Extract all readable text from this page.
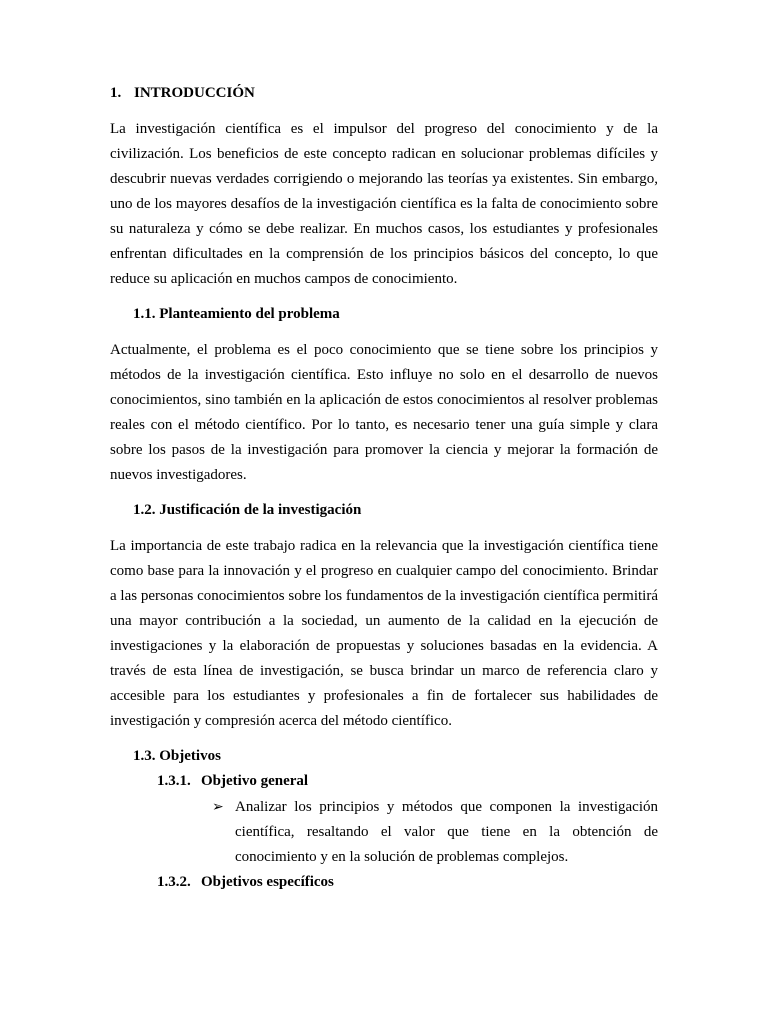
1. INTRODUCCIÓN
La investigación científica es el impulsor del progreso del conocimiento y de la civilización. Los beneficios de este concepto radican en solucionar problemas difíciles y descubrir nuevas verdades corrigiendo o mejorando las teorías ya existentes. Sin embargo, uno de los mayores desafíos de la investigación científica es la falta de conocimiento sobre su naturaleza y cómo se debe realizar. En muchos casos, los estudiantes y profesionales enfrentan dificultades en la comprensión de los principios básicos del concepto, lo que reduce su aplicación en muchos campos de conocimiento.
1.1. Planteamiento del problema
Actualmente, el problema es el poco conocimiento que se tiene sobre los principios y métodos de la investigación científica. Esto influye no solo en el desarrollo de nuevos conocimientos, sino también en la aplicación de estos conocimientos al resolver problemas reales con el método científico. Por lo tanto, es necesario tener una guía simple y clara sobre los pasos de la investigación para promover la ciencia y mejorar la formación de nuevos investigadores.
1.2. Justificación de la investigación
La importancia de este trabajo radica en la relevancia que la investigación científica tiene como base para la innovación y el progreso en cualquier campo del conocimiento. Brindar a las personas conocimientos sobre los fundamentos de la investigación científica permitirá una mayor contribución a la sociedad, un aumento de la calidad en la ejecución de investigaciones y la elaboración de propuestas y soluciones basadas en la evidencia. A través de esta línea de investigación, se busca brindar un marco de referencia claro y accesible para los estudiantes y profesionales a fin de fortalecer sus habilidades de investigación y compresión acerca del método científico.
1.3. Objetivos
1.3.1. Objetivo general
➢ Analizar los principios y métodos que componen la investigación científica, resaltando el valor que tiene en la obtención de conocimiento y en la solución de problemas complejos.
1.3.2. Objetivos específicos
